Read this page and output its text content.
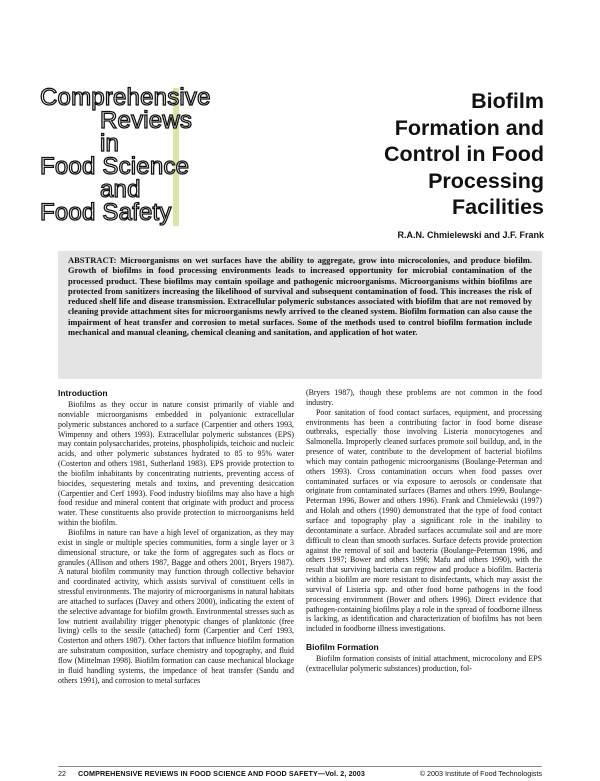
Comprehensive
Reviews
in
Food Science
and
Food Safety
Biofilm
Formation and
Control in Food
Processing
Facilities
R.A.N. Chmielewski and J.F. Frank

ABSTRACT: Microorganisms on wet surfaces have the ability to aggregate, grow into microcolonies, and produce biofilm. Growth of biofilms in food processing environments leads to increased opportunity for microbial contamination of the processed product. These biofilms may contain spoilage and pathogenic microorganisms. Microorganisms within biofilms are protected from sanitizers increasing the likelihood of survival and subsequent contamination of food. This increases the risk of reduced shelf life and disease transmission. Extracellular polymeric substances associated with biofilm that are not removed by cleaning provide attachment sites for microorganisms newly arrived to the cleaned system. Biofilm formation can also cause the impairment of heat transfer and corrosion to metal surfaces. Some of the methods used to control biofilm formation include mechanical and manual cleaning, chemical cleaning and sanitation, and application of hot water.

Introduction

Biofilms as they occur in nature consist primarily of viable and nonviable microorganisms embedded in polyanionic extracellular polymeric substances anchored to a surface (Carpentier and others 1993, Wimpenny and others 1993). Extracellular polymeric substances (EPS) may contain polysaccharides, proteins, phospholipids, teichoic and nucleic acids, and other polymeric substances hydrated to 85 to 95% water (Costerton and others 1981, Sutherland 1983). EPS provide protection to the biofilm inhabitants by concentrating nutrients, preventing access of biocides, sequestering metals and toxins, and preventing desiccation (Carpentier and Cerf 1993). Food industry biofilms may also have a high food residue and mineral content that originate with product and process water. These constituents also provide protection to microorganisms held within the biofilm.

Biofilms in nature can have a high level of organization, as they may exist in single or multiple species communities, form a single layer or 3 dimensional structure, or take the form of aggregates such as flocs or granules (Allison and others 1987, Bagge and others 2001, Bryers 1987). A natural biofilm community may function through collective behavior and coordinated activity, which assists survival of constituent cells in stressful environments. The majority of microorganisms in natural habitats are attached to surfaces (Davey and others 2000), indicating the extent of the selective advantage for biofilm growth. Environmental stresses such as low nutrient availability trigger phenotypic changes of planktonic (free living) cells to the sessile (attached) form (Carpentier and Cerf 1993, Costerton and others 1987). Other factors that influence biofilm formation are substratum composition, surface chemistry and topography, and fluid flow (Mittelman 1998). Biofilm formation can cause mechanical blockage in fluid handling systems, the impedance of heat transfer (Sandu and others 1991), and corrosion to metal surfaces

(Bryers 1987), though these problems are not common in the food industry.

Poor sanitation of food contact surfaces, equipment, and processing environments has been a contributing factor in food borne disease outbreaks, especially those involving Listeria monocytogenes and Salmonella. Improperly cleaned surfaces promote soil buildup, and, in the presence of water, contribute to the development of bacterial biofilms which may contain pathogenic microorganisms (Boulange-Peterman and others 1993). Cross contamination occurs when food passes over contaminated surfaces or via exposure to aerosols or condensate that originate from contaminated surfaces (Barnes and others 1999, Boulange-Peterman 1996, Bower and others 1996). Frank and Chmielewski (1997) and Holah and others (1990) demonstrated that the type of food contact surface and topography play a significant role in the inability to decontaminate a surface. Abraded surfaces accumulate soil and are more difficult to clean than smooth surfaces. Surface defects provide protection against the removal of soil and bacteria (Boulange-Peterman 1996, and others 1997; Bower and others 1996; Mafu and others 1990), with the result that surviving bacteria can regrow and produce a biofilm. Bacteria within a biofilm are more resistant to disinfectants, which may assist the survival of Listeria spp. and other food borne pathogens in the food processing environment (Bower and others 1996). Direct evidence that pathogen-containing biofilms play a role in the spread of foodborne illness is lacking, as identification and characterization of biofilms has not been included in foodborne illness investigations.

Biofilm Formation

Biofilm formation consists of initial attachment, microcolony and EPS (extracellular polymeric substances) production, fol-

22 COMPREHENSIVE REVIEWS IN FOOD SCIENCE AND FOOD SAFETY—Vol. 2, 2003	© 2003 Institute of Food Technologists
